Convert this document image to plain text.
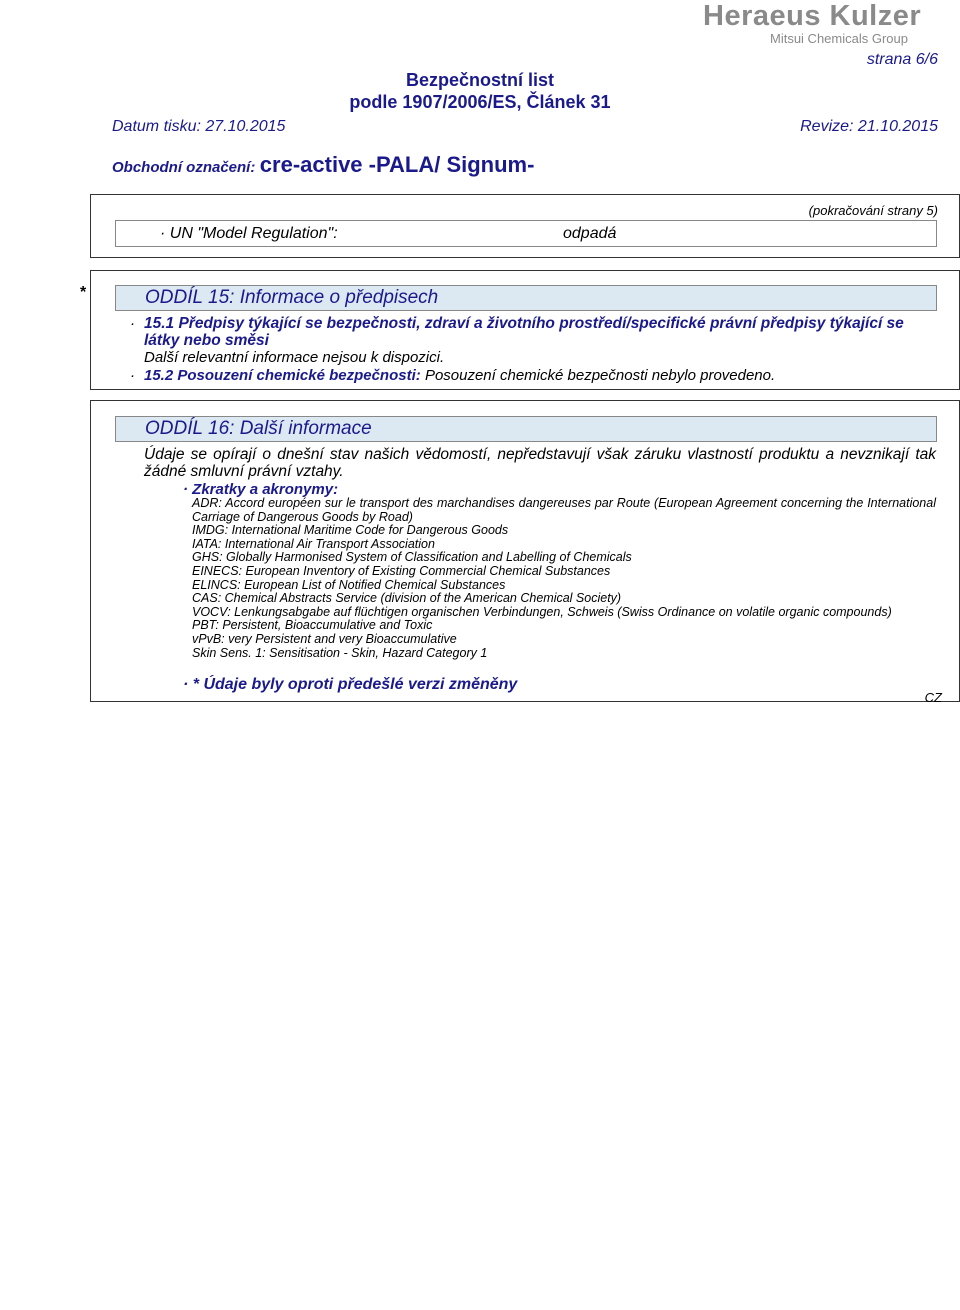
Heraeus Kulzer
Mitsui Chemicals Group
Bezpečnostní list
podle 1907/2006/ES, Článek 31
strana 6/6
Datum tisku: 27.10.2015	Revize: 21.10.2015
Obchodní označení: cre-active -PALA/ Signum-
(pokračování strany 5)
· UN "Model Regulation":	odpadá
*	ODDÍL 15: Informace o předpisech
· 15.1 Předpisy týkající se bezpečnosti, zdraví a životního prostředí/specifické právní předpisy týkající se látky nebo směsi
Další relevantní informace nejsou k dispozici.
· 15.2 Posouzení chemické bezpečnosti: Posouzení chemické bezpečnosti nebylo provedeno.
ODDÍL 16: Další informace
Údaje se opírají o dnešní stav našich vědomostí, nepředstavují však záruku vlastností produktu a nevznikají tak žádné smluvní právní vztahy.
· Zkratky a akronymy:

ADR: Accord européen sur le transport des marchandises dangereuses par Route (European Agreement concerning the International Carriage of Dangerous Goods by Road)

IMDG: International Maritime Code for Dangerous Goods

IATA: International Air Transport Association

GHS: Globally Harmonised System of Classification and Labelling of Chemicals

EINECS: European Inventory of Existing Commercial Chemical Substances

ELINCS: European List of Notified Chemical Substances

CAS: Chemical Abstracts Service (division of the American Chemical Society)

VOCV: Lenkungsabgabe auf flüchtigen organischen Verbindungen, Schweis (Swiss Ordinance on volatile organic compounds)

PBT: Persistent, Bioaccumulative and Toxic

vPvB: very Persistent and very Bioaccumulative

Skin Sens. 1: Sensitisation - Skin, Hazard Category 1

· * Údaje byly oproti předešlé verzi změněny
CZ
